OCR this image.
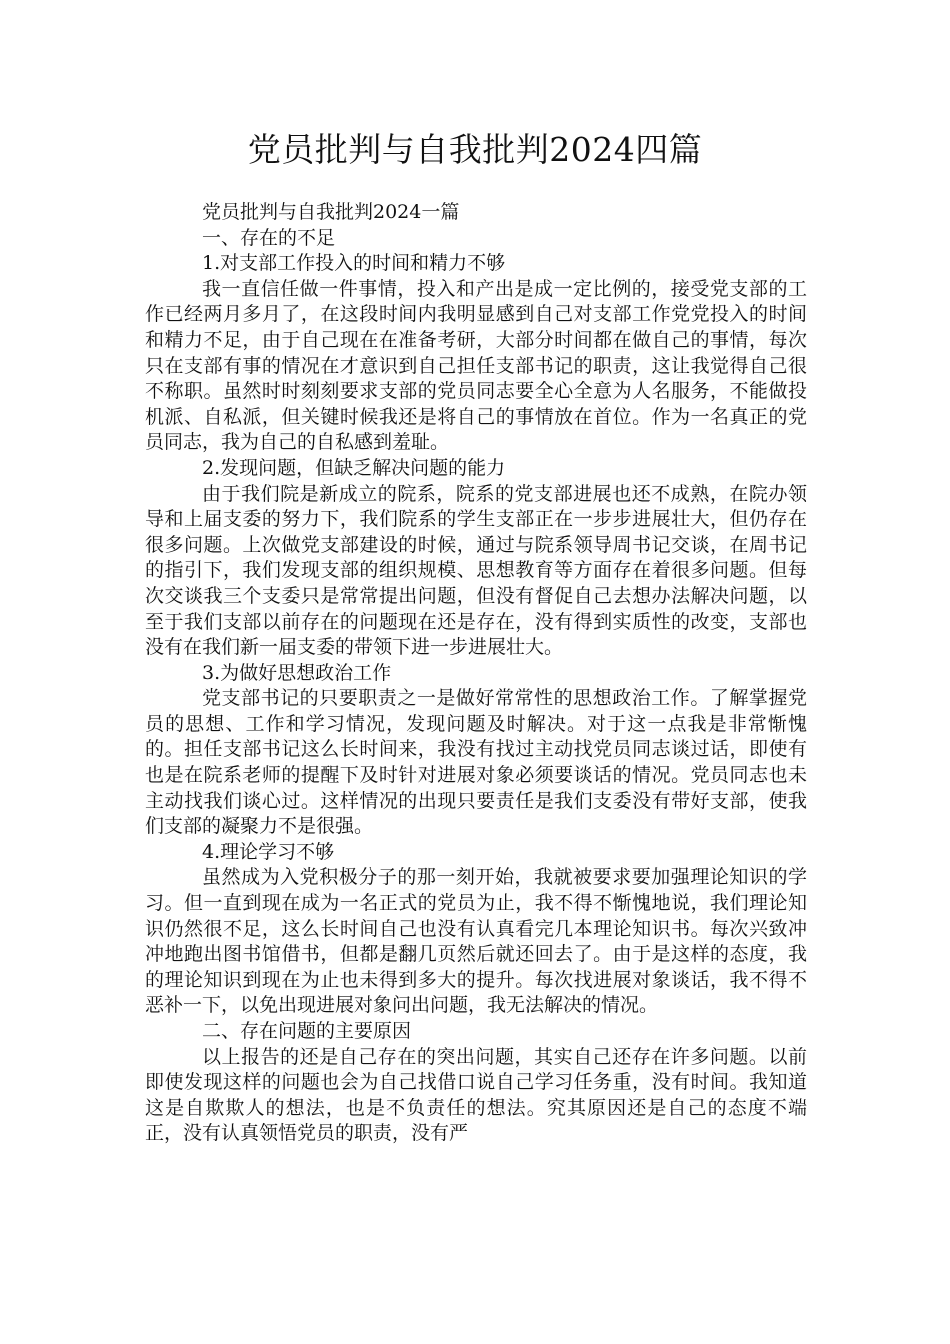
党员批判与自我批判2024四篇

党员批判与自我批判2024一篇

一、存在的不足

1.对支部工作投入的时间和精力不够

我一直信任做一件事情，投入和产出是成一定比例的，接受党支部的工作已经两月多月了，在这段时间内我明显感到自己对支部工作党党投入的时间和精力不足，由于自己现在在准备考研，大部分时间都在做自己的事情，每次只在支部有事的情况在才意识到自己担任支部书记的职责，这让我觉得自己很不称职。虽然时时刻刻要求支部的党员同志要全心全意为人名服务，不能做投机派、自私派，但关键时候我还是将自己的事情放在首位。作为一名真正的党员同志，我为自己的自私感到羞耻。

2.发现问题，但缺乏解决问题的能力

由于我们院是新成立的院系，院系的党支部进展也还不成熟，在院办领导和上届支委的努力下，我们院系的学生支部正在一步步进展壮大，但仍存在很多问题。上次做党支部建设的时候，通过与院系领导周书记交谈，在周书记的指引下，我们发现支部的组织规模、思想教育等方面存在着很多问题。但每次交谈我三个支委只是常常提出问题，但没有督促自己去想办法解决问题，以至于我们支部以前存在的问题现在还是存在，没有得到实质性的改变，支部也没有在我们新一届支委的带领下进一步进展壮大。

3.为做好思想政治工作

党支部书记的只要职责之一是做好常常性的思想政治工作。了解掌握党员的思想、工作和学习情况，发现问题及时解决。对于这一点我是非常惭愧的。担任支部书记这么长时间来，我没有找过主动找党员同志谈过话，即使有也是在院系老师的提醒下及时针对进展对象必须要谈话的情况。党员同志也未主动找我们谈心过。这样情况的出现只要责任是我们支委没有带好支部，使我们支部的凝聚力不是很强。

4.理论学习不够

虽然成为入党积极分子的那一刻开始，我就被要求要加强理论知识的学习。但一直到现在成为一名正式的党员为止，我不得不惭愧地说，我们理论知识仍然很不足，这么长时间自己也没有认真看完几本理论知识书。每次兴致冲冲地跑出图书馆借书，但都是翻几页然后就还回去了。由于是这样的态度，我的理论知识到现在为止也未得到多大的提升。每次找进展对象谈话，我不得不恶补一下，以免出现进展对象问出问题，我无法解决的情况。

二、存在问题的主要原因

以上报告的还是自己存在的突出问题，其实自己还存在许多问题。以前即使发现这样的问题也会为自己找借口说自己学习任务重，没有时间。我知道这是自欺欺人的想法，也是不负责任的想法。究其原因还是自己的态度不端正，没有认真领悟党员的职责，没有严
